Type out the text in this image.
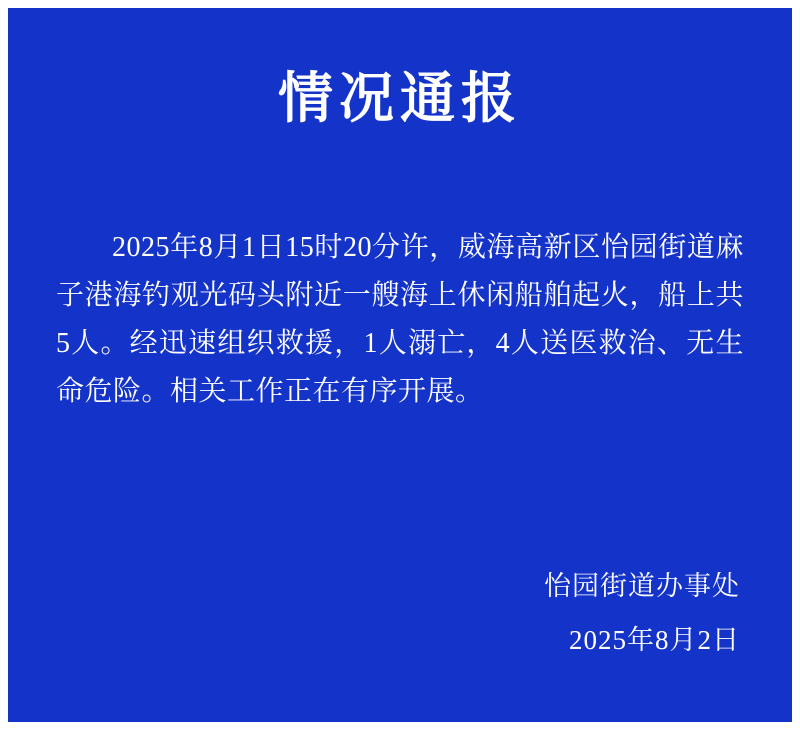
情况通报
2025年8月1日15时20分许，威海高新区怡园街道麻子港海钓观光码头附近一艘海上休闲船舶起火，船上共5人。经迅速组织救援，1人溺亡，4人送医救治、无生命危险。相关工作正在有序开展。
怡园街道办事处
2025年8月2日
